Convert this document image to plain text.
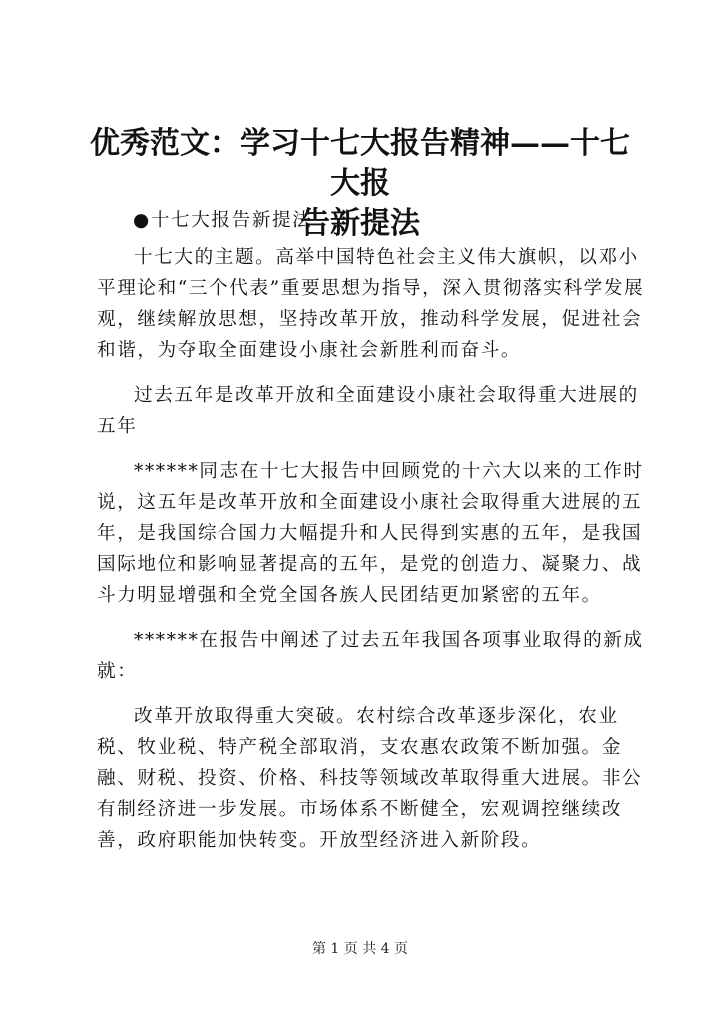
优秀范文：学习十七大报告精神——十七大报
告新提法

●十七大报告新提法

十七大的主题。高举中国特色社会主义伟大旗帜，以邓小平理论和“三个代表”重要思想为指导，深入贯彻落实科学发展观，继续解放思想，坚持改革开放，推动科学发展，促进社会和谐，为夺取全面建设小康社会新胜利而奋斗。

过去五年是改革开放和全面建设小康社会取得重大进展的五年

******同志在十七大报告中回顾党的十六大以来的工作时说，这五年是改革开放和全面建设小康社会取得重大进展的五年，是我国综合国力大幅提升和人民得到实惠的五年，是我国国际地位和影响显著提高的五年，是党的创造力、凝聚力、战斗力明显增强和全党全国各族人民团结更加紧密的五年。

******在报告中阐述了过去五年我国各项事业取得的新成就：

改革开放取得重大突破。农村综合改革逐步深化，农业税、牧业税、特产税全部取消，支农惠农政策不断加强。金融、财税、投资、价格、科技等领域改革取得重大进展。非公有制经济进一步发展。市场体系不断健全，宏观调控继续改善，政府职能加快转变。开放型经济进入新阶段。

第 1 页 共 4 页
